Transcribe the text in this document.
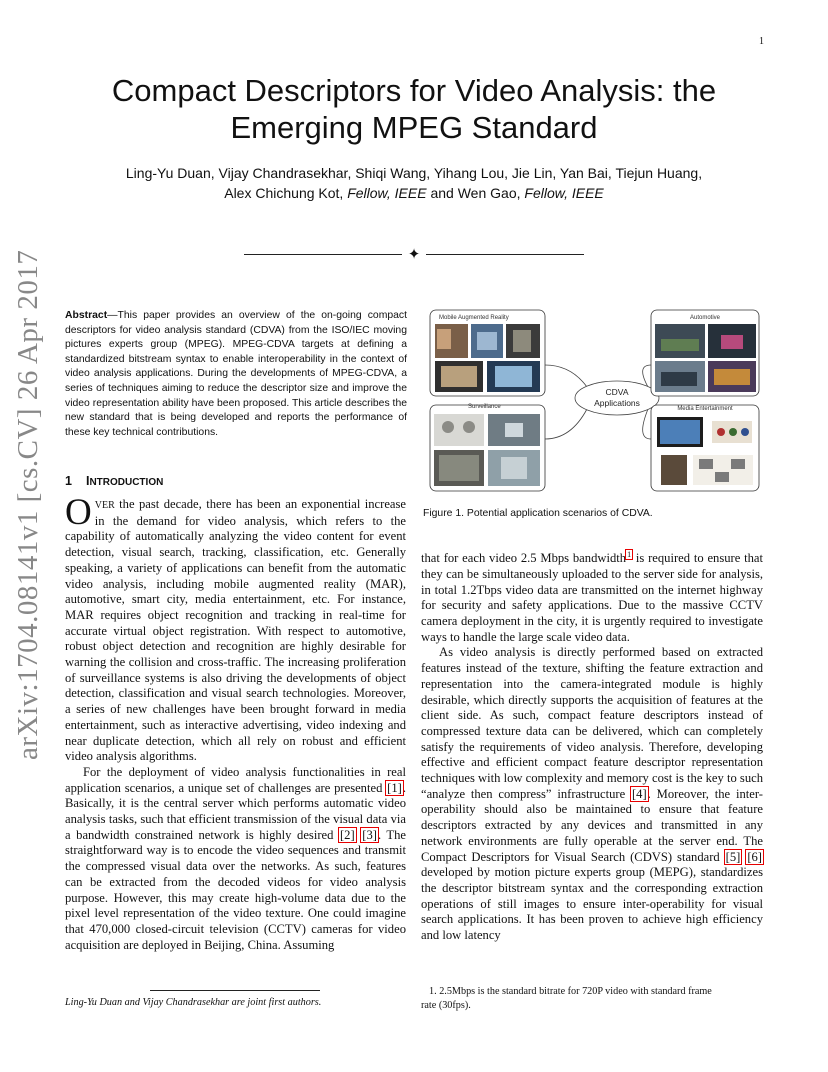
1
arXiv:1704.08141v1 [cs.CV] 26 Apr 2017
Compact Descriptors for Video Analysis: the
Emerging MPEG Standard
Ling-Yu Duan, Vijay Chandrasekhar, Shiqi Wang, Yihang Lou, Jie Lin, Yan Bai, Tiejun Huang,
Alex Chichung Kot, Fellow, IEEE and Wen Gao, Fellow, IEEE
✦
Abstract—This paper provides an overview of the on-going compact descriptors for video analysis standard (CDVA) from the ISO/IEC moving pictures experts group (MPEG). MPEG-CDVA targets at defining a standardized bitstream syntax to enable interoperability in the context of video analysis applications. During the developments of MPEG-CDVA, a series of techniques aiming to reduce the descriptor size and improve the video representation ability have been proposed. This article describes the new standard that is being developed and reports the performance of these key technical contributions.
1 INTRODUCTION

OVER the past decade, there has been an exponential increase in the demand for video analysis, which refers to the capability of automatically analyzing the video content for event detection, visual search, tracking, classification, etc. Generally speaking, a variety of applications can benefit from the automatic video analysis, including mobile augmented reality (MAR), automotive, smart city, media entertainment, etc. For instance, MAR requires object recognition and tracking in real-time for accurate virtual object registration. With respect to automotive, robust object detection and recognition are highly desirable for warning the collision and cross-traffic. The increasing proliferation of surveillance systems is also driving the developments of object detection, classification and visual search technologies. Moreover, a series of new challenges have been brought forward in media entertainment, such as interactive advertising, video indexing and near duplicate detection, which all rely on robust and efficient video analysis algorithms.

For the deployment of video analysis functionalities in real application scenarios, a unique set of challenges are presented [1]. Basically, it is the central server which performs automatic video analysis tasks, such that efficient transmission of the visual data via a bandwidth constrained network is highly desired [2] [3]. The straightforward way is to encode the video sequences and transmit the compressed visual data over the networks. As such, features can be extracted from the decoded videos for video analysis purpose. However, this may create high-volume data due to the pixel level representation of the video texture. One could imagine that 470,000 closed-circuit television (CCTV) cameras for video acquisition are deployed in Beijing, China. Assuming

Mobile Augmented Reality
Surveillance
CDVA
Applications
Automotive
Media Entertainment
Figure 1. Potential application scenarios of CDVA.

that for each video 2.5 Mbps bandwidth$^1$ is required to ensure that they can be simultaneously uploaded to the server side for analysis, in total 1.2Tbps video data are transmitted on the internet highway for security and safety applications. Due to the massive CCTV camera deployment in the city, it is urgently required to investigate ways to handle the large scale video data.

As video analysis is directly performed based on extracted features instead of the texture, shifting the feature extraction and representation into the camera-integrated module is highly desirable, which directly supports the acquisition of features at the client side. As such, compact feature descriptors instead of compressed texture data can be delivered, which can completely satisfy the requirements of video analysis. Therefore, developing effective and efficient compact feature descriptor representation techniques with low complexity and memory cost is the key to such “analyze then compress” infrastructure [4]. Moreover, the inter-operability should also be maintained to ensure that feature descriptors extracted by any devices and transmitted in any network environments are fully operable at the server end. The Compact Descriptors for Visual Search (CDVS) standard [5] [6] developed by motion picture experts group (MEPG), standardizes the descriptor bitstream syntax and the corresponding extraction operations of still images to ensure inter-operability for visual search applications. It has been proven to achieve high efficiency and low latency

Ling-Yu Duan and Vijay Chandrasekhar are joint first authors.
1. 2.5Mbps is the standard bitrate for 720P video with standard frame
rate (30fps).
